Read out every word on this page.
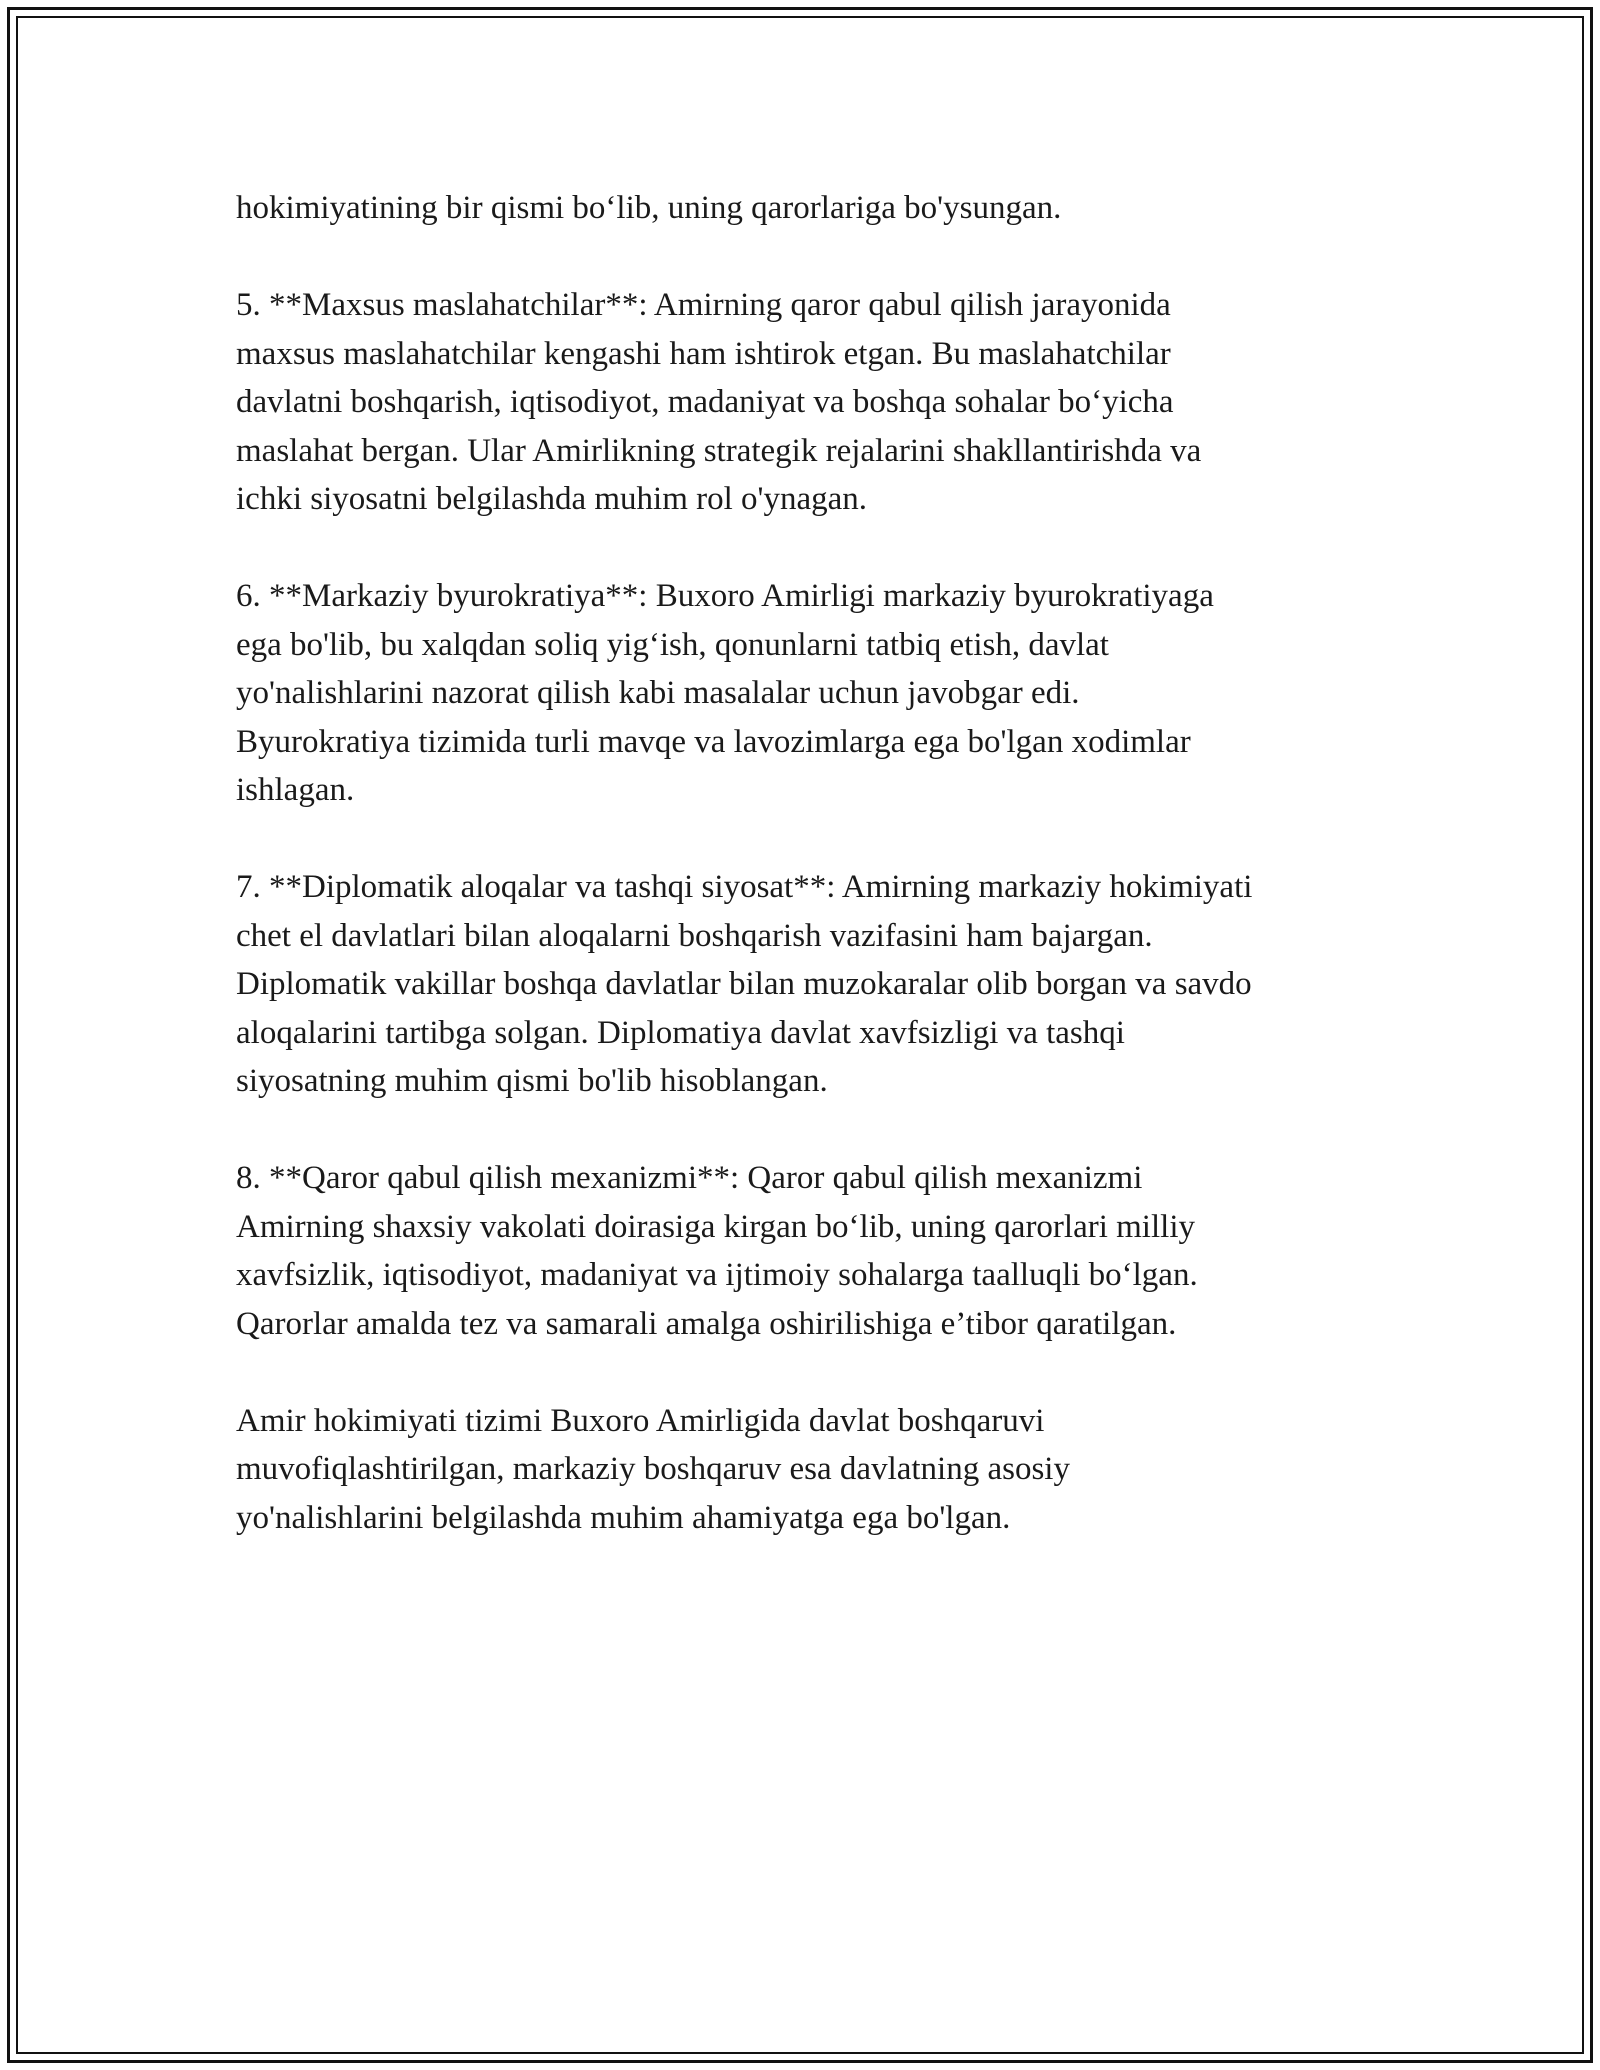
hokimiyatining bir qismi bo‘lib, uning qarorlariga bo'ysungan.

5. **Maxsus maslahatchilar**: Amirning qaror qabul qilish jarayonida
maxsus maslahatchilar kengashi ham ishtirok etgan. Bu maslahatchilar
davlatni boshqarish, iqtisodiyot, madaniyat va boshqa sohalar bo‘yicha
maslahat bergan. Ular Amirlikning strategik rejalarini shakllantirishda va
ichki siyosatni belgilashda muhim rol o'ynagan.

6. **Markaziy byurokratiya**: Buxoro Amirligi markaziy byurokratiyaga
ega bo'lib, bu xalqdan soliq yig‘ish, qonunlarni tatbiq etish, davlat
yo'nalishlarini nazorat qilish kabi masalalar uchun javobgar edi.
Byurokratiya tizimida turli mavqe va lavozimlarga ega bo'lgan xodimlar
ishlagan.

7. **Diplomatik aloqalar va tashqi siyosat**: Amirning markaziy hokimiyati
chet el davlatlari bilan aloqalarni boshqarish vazifasini ham bajargan.
Diplomatik vakillar boshqa davlatlar bilan muzokaralar olib borgan va savdo
aloqalarini tartibga solgan. Diplomatiya davlat xavfsizligi va tashqi
siyosatning muhim qismi bo'lib hisoblangan.

8. **Qaror qabul qilish mexanizmi**: Qaror qabul qilish mexanizmi
Amirning shaxsiy vakolati doirasiga kirgan bo‘lib, uning qarorlari milliy
xavfsizlik, iqtisodiyot, madaniyat va ijtimoiy sohalarga taalluqli bo‘lgan.
Qarorlar amalda tez va samarali amalga oshirilishiga e’tibor qaratilgan.

Amir hokimiyati tizimi Buxoro Amirligida davlat boshqaruvi
muvofiqlashtirilgan, markaziy boshqaruv esa davlatning asosiy
yo'nalishlarini belgilashda muhim ahamiyatga ega bo'lgan.
